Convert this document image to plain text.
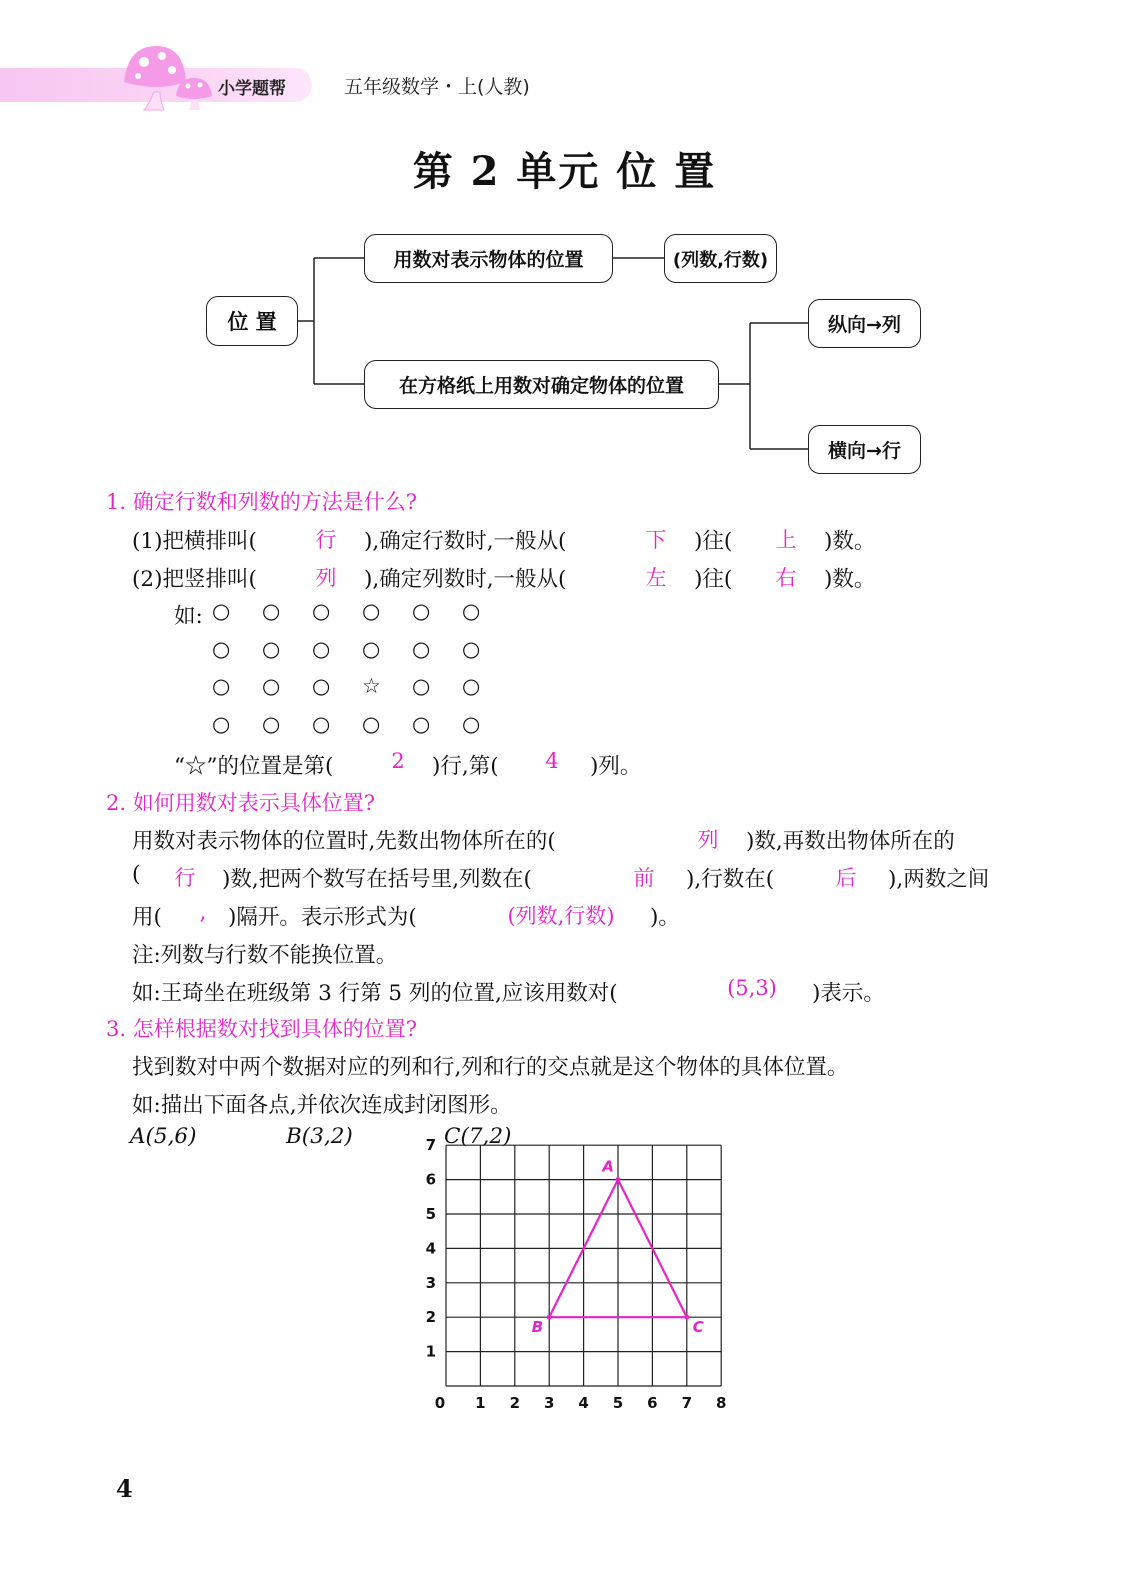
小学题帮	五年级数学・上(人教)
第 2 单元 位 置
位 置
用数对表示物体的位置	(列数,行数)
在方格纸上用数对确定物体的位置
纵向→列
横向→行
1. 确定行数和列数的方法是什么?
(1)把横排叫(	行	),确定行数时,一般从(	下	)往(	上	)数。
(2)把竖排叫(	列	),确定列数时,一般从(	左	)往(	右	)数。
如: ○ ○ ○ ○ ○ ○
○ ○ ○ ○ ○ ○
○ ○ ○ ☆ ○ ○
○ ○ ○ ○ ○ ○
“☆”的位置是第(	2	)行,第(	4	)列。
2. 如何用数对表示具体位置?
用数对表示物体的位置时,先数出物体所在的(	列	)数,再数出物体所在的
(	行	)数,把两个数写在括号里,列数在(	前	),行数在(	后	),两数之间
用(	,	)隔开。表示形式为(	(列数,行数)	)。
注:列数与行数不能换位置。
如:王琦坐在班级第 3 行第 5 列的位置,应该用数对(	(5,3)	)表示。
3. 怎样根据数对找到具体的位置?
找到数对中两个数据对应的列和行,列和行的交点就是这个物体的具体位置。
如:描出下面各点,并依次连成封闭图形。
A(5,6)	B(3,2)	C(7,2)
0 1 2 3 4 5 6 7 8
1
2
3
4
5
6
7
A
B	C
4
